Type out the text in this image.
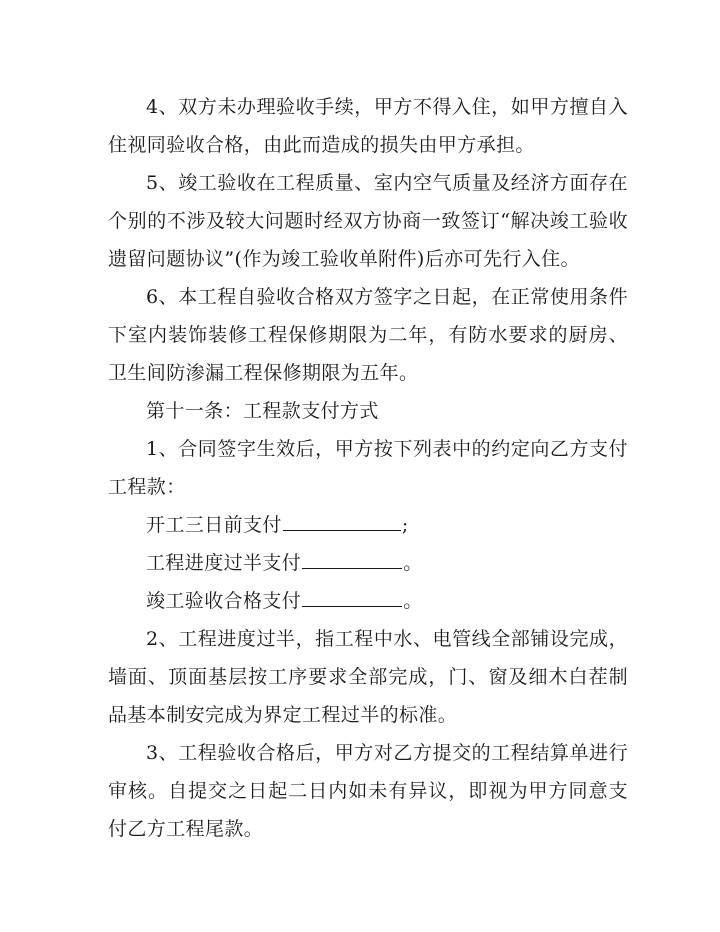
4、双方未办理验收手续，甲方不得入住，如甲方擅自入住视同验收合格，由此而造成的损失由甲方承担。

5、竣工验收在工程质量、室内空气质量及经济方面存在个别的不涉及较大问题时经双方协商一致签订“解决竣工验收遗留问题协议”(作为竣工验收单附件)后亦可先行入住。

6、本工程自验收合格双方签字之日起，在正常使用条件下室内装饰装修工程保修期限为二年，有防水要求的厨房、卫生间防渗漏工程保修期限为五年。

第十一条：工程款支付方式

1、合同签字生效后，甲方按下列表中的约定向乙方支付工程款：

开工三日前支付	;

工程进度过半支付	。

竣工验收合格支付	。

2、工程进度过半，指工程中水、电管线全部铺设完成，墙面、顶面基层按工序要求全部完成，门、窗及细木白茬制品基本制安完成为界定工程过半的标准。

3、工程验收合格后，甲方对乙方提交的工程结算单进行审核。自提交之日起二日内如未有异议，即视为甲方同意支付乙方工程尾款。
